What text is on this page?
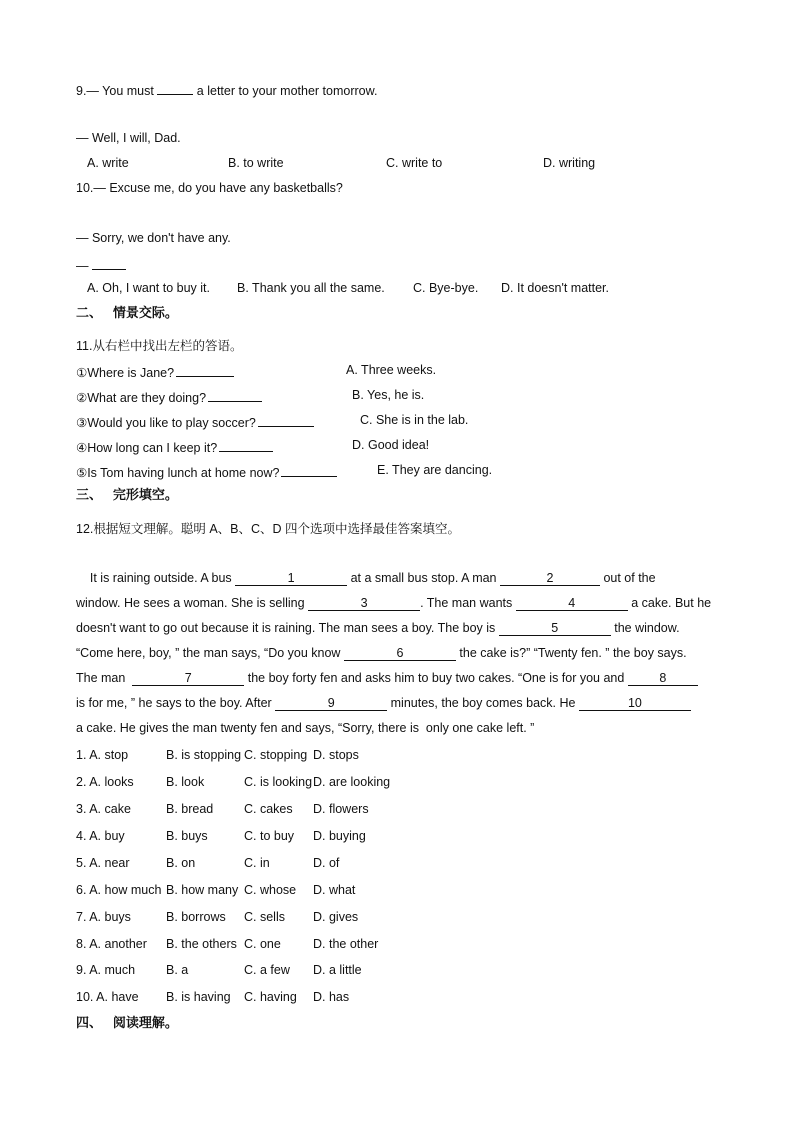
9.— You must	a letter to your mother tomorrow.
— Well, I will, Dad.
A. write	B. to write	C. write to	D. writing
10.— Excuse me, do you have any basketballs?
— Sorry, we don't have any.
—
A. Oh, I want to buy it. B. Thank you all the same. C. Bye-bye. D. It doesn't matter.
二、   情景交际。
11.从右栏中找出左栏的答语。
①Where is Jane?
②What are they doing?
③Would you like to play soccer?
④How long can I keep it?
⑤Is Tom having lunch at home now?
A. Three weeks.
B. Yes, he is.
C. She is in the lab.
D. Good idea!
E. They are dancing.
三、   完形填空。
12.根据短文理解。聪明 A、B、C、D 四个选项中选择最佳答案填空。
It is raining outside. A bus	1	at a small bus stop. A man	2	out of the
window. He sees a woman. She is selling	3	. The man wants	4	a cake. But he
doesn't want to go out because it is raining. The man sees a boy. The boy is	5	the window.
“Come here, boy, ” the man says, “Do you know	6	the cake is?” “Twenty fen. ” the boy says.
The man	7	the boy forty fen and asks him to buy two cakes. “One is for you and	8
is for me, ” he says to the boy. After	9	minutes, the boy comes back. He	10
a cake. He gives the man twenty fen and says, “Sorry, there is  only one cake left. ”
1. A. stop	B. is stopping C. stopping D. stops
2. A. looks	B. look	C. is looking D. are looking
3. A. cake	B. bread C. cakes D. flowers
4. A. buy	B. buys	C. to buy D. buying
5. A. near	B. on	C. in	D. of
6. A. how much B. how many C. whose D. what
7. A. buys	B. borrows C. sells D. gives
8. A. another B. the others C. one	D. the other
9. A. much B. a	C. a few D. a little
10. A. have B. is having C. having D. has
四、   阅读理解。
